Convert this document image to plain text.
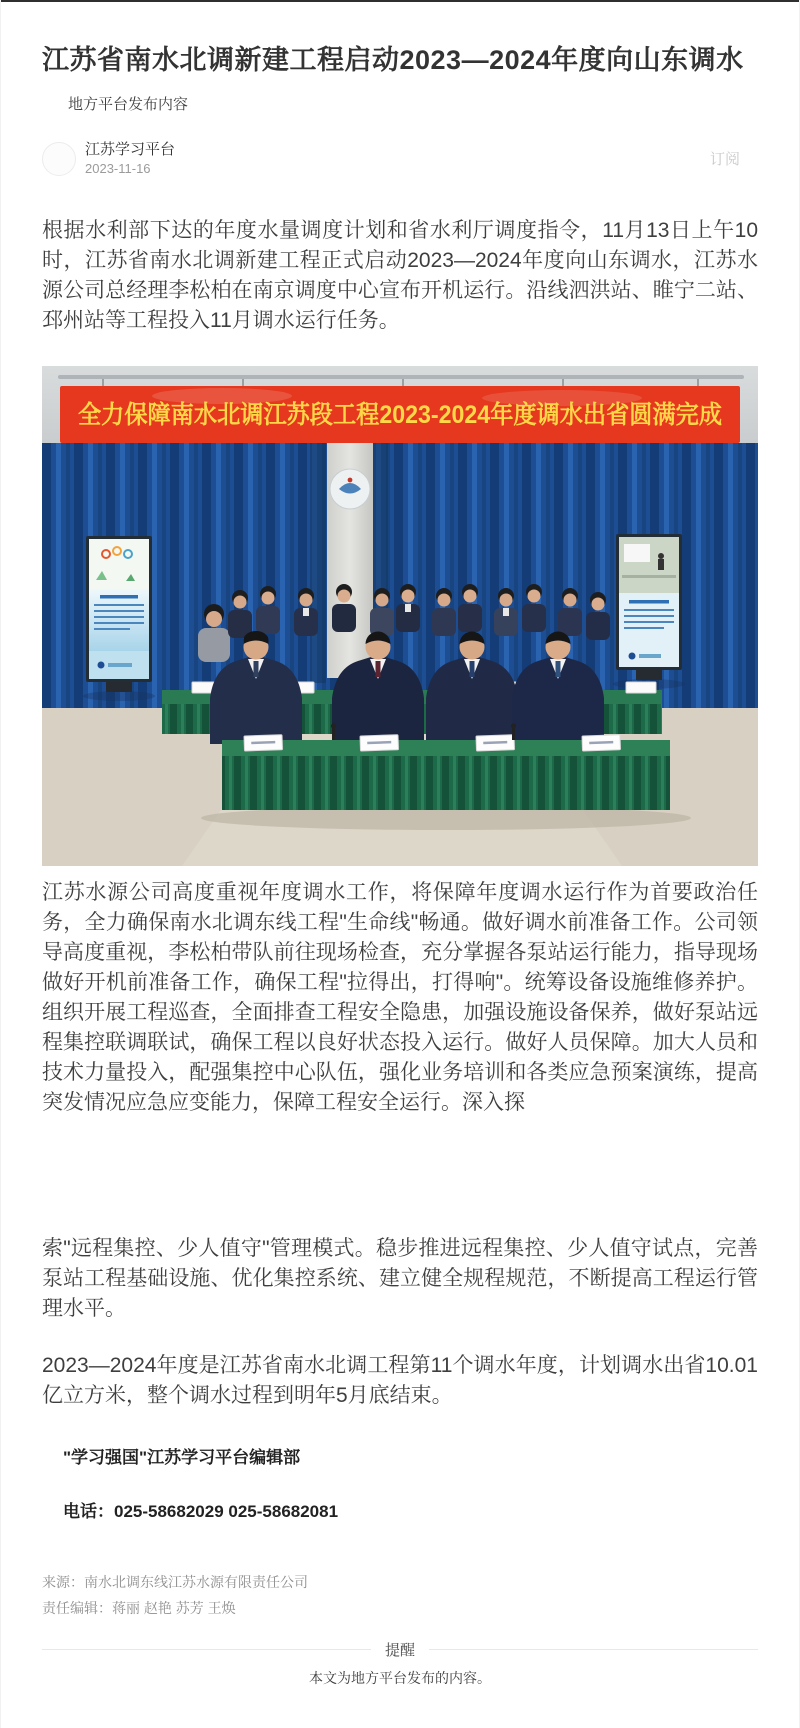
江苏省南水北调新建工程启动2023—2024年度向山东调水
地方平台发布内容
江苏学习平台
2023-11-16
订阅

根据水利部下达的年度水量调度计划和省水利厅调度指令，11月13日上午10时，江苏省南水北调新建工程正式启动2023—2024年度向山东调水，江苏水源公司总经理李松柏在南京调度中心宣布开机运行。沿线泗洪站、睢宁二站、邳州站等工程投入11月调水运行任务。

全力保障南水北调江苏段工程2023-2024年度调水出省圆满完成

江苏水源公司高度重视年度调水工作，将保障年度调水运行作为首要政治任务，全力确保南水北调东线工程"生命线"畅通。做好调水前准备工作。公司领导高度重视，李松柏带队前往现场检查，充分掌握各泵站运行能力，指导现场做好开机前准备工作，确保工程"拉得出，打得响"。统筹设备设施维修养护。组织开展工程巡查，全面排查工程安全隐患，加强设施设备保养，做好泵站远程集控联调联试，确保工程以良好状态投入运行。做好人员保障。加大人员和技术力量投入，配强集控中心队伍，强化业务培训和各类应急预案演练，提高突发情况应急应变能力，保障工程安全运行。深入探

索"远程集控、少人值守"管理模式。稳步推进远程集控、少人值守试点，完善泵站工程基础设施、优化集控系统、建立健全规程规范，不断提高工程运行管理水平。

2023—2024年度是江苏省南水北调工程第11个调水年度，计划调水出省10.01亿立方米，整个调水过程到明年5月底结束。

"学习强国"江苏学习平台编辑部

电话：025-58682029 025-58682081

来源：南水北调东线江苏水源有限责任公司
责任编辑：蒋丽 赵艳 苏芳 王焕
提醒
本文为地方平台发布的内容。
